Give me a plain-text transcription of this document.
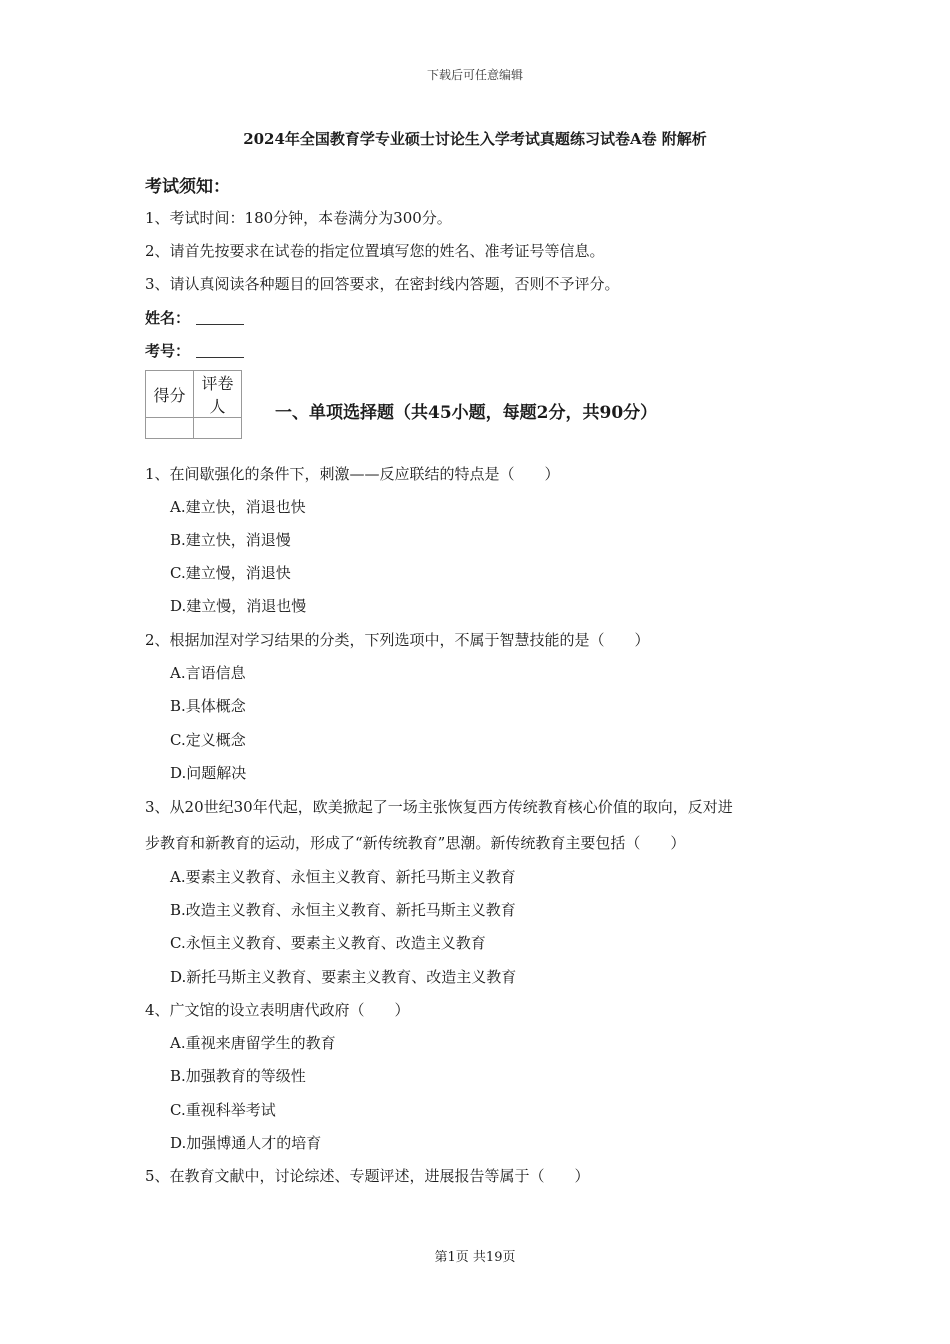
下载后可任意编辑
2024年全国教育学专业硕士讨论生入学考试真题练习试卷A卷 附解析
考试须知：
1、考试时间：180分钟，本卷满分为300分。
2、请首先按要求在试卷的指定位置填写您的姓名、准考证号等信息。
3、请认真阅读各种题目的回答要求，在密封线内答题，否则不予评分。
姓名：
考号：
得分	评卷人
		一、单项选择题（共45小题，每题2分，共90分）
1、在间歇强化的条件下，刺激——反应联结的特点是（　　）
A.建立快，消退也快
B.建立快，消退慢
C.建立慢，消退快
D.建立慢，消退也慢
2、根据加涅对学习结果的分类，下列选项中，不属于智慧技能的是（　　）
A.言语信息
B.具体概念
C.定义概念
D.问题解决
3、从20世纪30年代起，欧美掀起了一场主张恢复西方传统教育核心价值的取向，反对进
步教育和新教育的运动，形成了“新传统教育”思潮。新传统教育主要包括（　　）
A.要素主义教育、永恒主义教育、新托马斯主义教育
B.改造主义教育、永恒主义教育、新托马斯主义教育
C.永恒主义教育、要素主义教育、改造主义教育
D.新托马斯主义教育、要素主义教育、改造主义教育
4、广文馆的设立表明唐代政府（　　）
A.重视来唐留学生的教育
B.加强教育的等级性
C.重视科举考试
D.加强博通人才的培育
5、在教育文献中，讨论综述、专题评述，进展报告等属于（　　）
第1页 共19页
